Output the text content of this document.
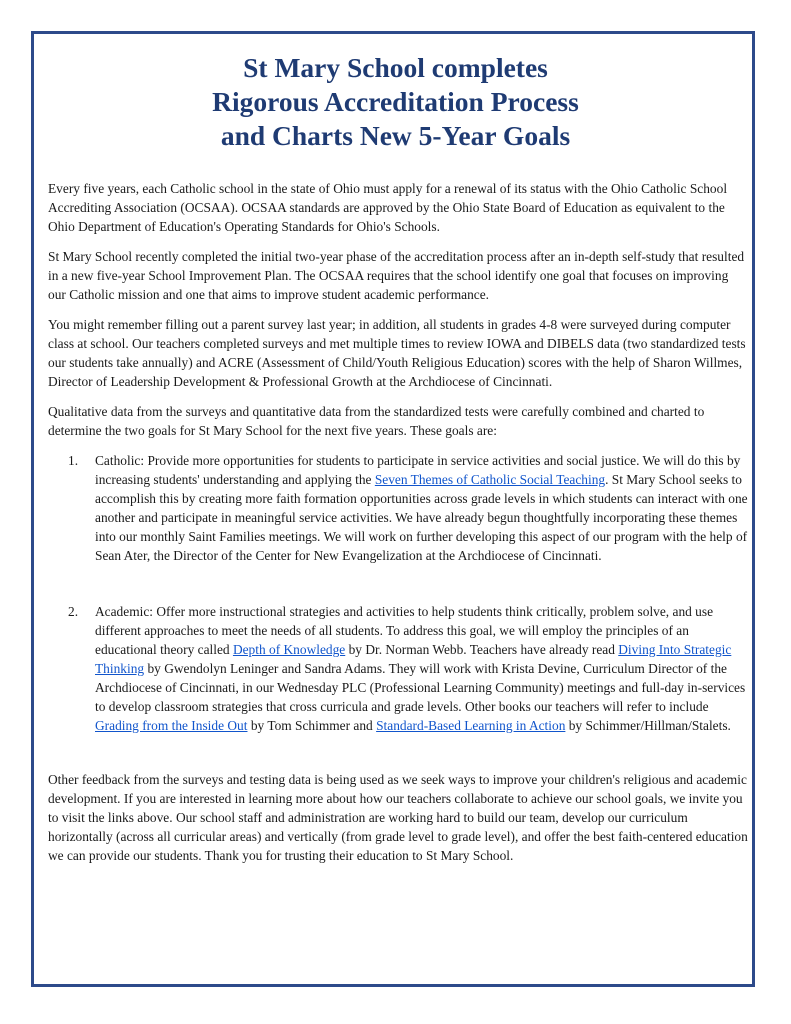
St Mary School completes
Rigorous Accreditation Process
and Charts New 5-Year Goals

Every five years, each Catholic school in the state of Ohio must apply for a renewal of its status with the Ohio Catholic School Accrediting Association (OCSAA). OCSAA standards are approved by the Ohio State Board of Education as equivalent to the Ohio Department of Education's Operating Standards for Ohio's Schools.

St Mary School recently completed the initial two-year phase of the accreditation process after an in-depth self-study that resulted in a new five-year School Improvement Plan. The OCSAA requires that the school identify one goal that focuses on improving our Catholic mission and one that aims to improve student academic performance.

You might remember filling out a parent survey last year; in addition, all students in grades 4-8 were surveyed during computer class at school. Our teachers completed surveys and met multiple times to review IOWA and DIBELS data (two standardized tests our students take annually) and ACRE (Assessment of Child/Youth Religious Education) scores with the help of Sharon Willmes, Director of Leadership Development & Professional Growth at the Archdiocese of Cincinnati.

Qualitative data from the surveys and quantitative data from the standardized tests were carefully combined and charted to determine the two goals for St Mary School for the next five years. These goals are:

1. Catholic: Provide more opportunities for students to participate in service activities and social justice. We will do this by increasing students' understanding and applying the Seven Themes of Catholic Social Teaching. St Mary School seeks to accomplish this by creating more faith formation opportunities across grade levels in which students can interact with one another and participate in meaningful service activities. We have already begun thoughtfully incorporating these themes into our monthly Saint Families meetings. We will work on further developing this aspect of our program with the help of Sean Ater, the Director of the Center for New Evangelization at the Archdiocese of Cincinnati.
2. Academic: Offer more instructional strategies and activities to help students think critically, problem solve, and use different approaches to meet the needs of all students. To address this goal, we will employ the principles of an educational theory called Depth of Knowledge by Dr. Norman Webb. Teachers have already read Diving Into Strategic Thinking by Gwendolyn Leninger and Sandra Adams. They will work with Krista Devine, Curriculum Director of the Archdiocese of Cincinnati, in our Wednesday PLC (Professional Learning Community) meetings and full-day in-services to develop classroom strategies that cross curricula and grade levels. Other books our teachers will refer to include Grading from the Inside Out by Tom Schimmer and Standard-Based Learning in Action by Schimmer/Hillman/Stalets.

Other feedback from the surveys and testing data is being used as we seek ways to improve your children's religious and academic development. If you are interested in learning more about how our teachers collaborate to achieve our school goals, we invite you to visit the links above. Our school staff and administration are working hard to build our team, develop our curriculum horizontally (across all curricular areas) and vertically (from grade level to grade level), and offer the best faith-centered education we can provide our students. Thank you for trusting their education to St Mary School.
